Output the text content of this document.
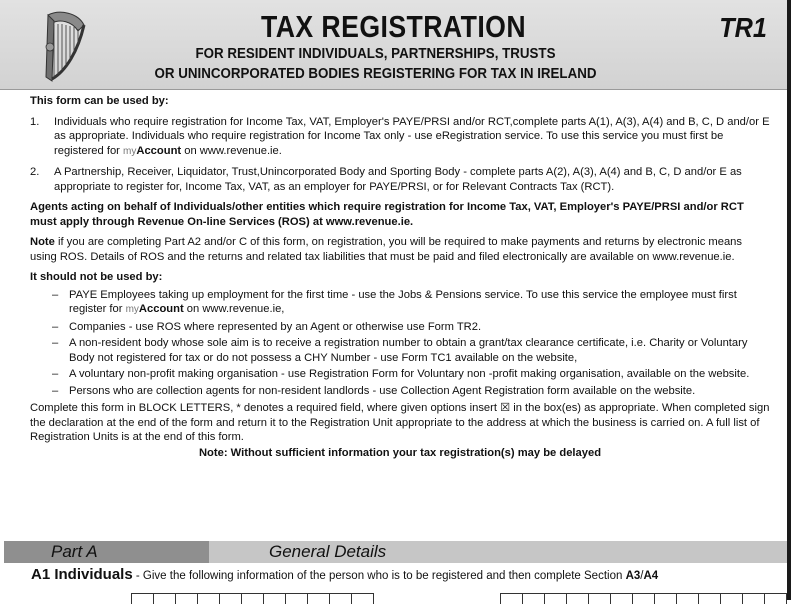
TAX REGISTRATION
FOR RESIDENT INDIVIDUALS, PARTNERSHIPS, TRUSTS
OR UNINCORPORATED BODIES REGISTERING FOR TAX IN IRELAND
TR1

This form can be used by:

1.	Individuals who require registration for Income Tax, VAT, Employer's PAYE/PRSI and/or RCT,complete parts A(1), A(3), A(4) and B, C, D and/or E as appropriate. Individuals who require registration for Income Tax only - use eRegistration service. To use this service you must first be registered for myAccount on www.revenue.ie.
2.	A Partnership, Receiver, Liquidator, Trust,Unincorporated Body and Sporting Body - complete parts A(2), A(3), A(4) and B, C, D and/or E as appropriate to register for, Income Tax, VAT, as an employer for PAYE/PRSI, or for Relevant Contracts Tax (RCT).

Agents acting on behalf of Individuals/other entities which require registration for Income Tax, VAT, Employer's PAYE/PRSI and/or RCT must apply through Revenue On-line Services (ROS) at www.revenue.ie.

Note if you are completing Part A2 and/or C of this form, on registration, you will be required to make payments and returns by electronic means using ROS. Details of ROS and the returns and related tax liabilities that must be paid and filed electronically are available on www.revenue.ie.

It should not be used by:

– PAYE Employees taking up employment for the first time - use the Jobs & Pensions service. To use this service the employee must first register for myAccount on www.revenue.ie,
– Companies - use ROS where represented by an Agent or otherwise use Form TR2.
– A non-resident body whose sole aim is to receive a registration number to obtain a grant/tax clearance certificate, i.e. Charity or Voluntary Body not registered for tax or do not possess a CHY Number - use Form TC1 available on the website,
– A voluntary non-profit making organisation - use Registration Form for Voluntary non -profit making organisation, available on the website.
– Persons who are collection agents for non-resident landlords - use Collection Agent Registration form available on the website.

Complete this form in BLOCK LETTERS, * denotes a required field, where given options insert ☒ in the box(es) as appropriate. When completed sign the declaration at the end of the form and return it to the Registration Unit appropriate to the address at which the business is carried on. A full list of Registration Units is at the end of this form.

Note: Without sufficient information your tax registration(s) may be delayed
Part A	General Details
A1 Individuals - Give the following information of the person who is to be registered and then complete Section A3/A4
